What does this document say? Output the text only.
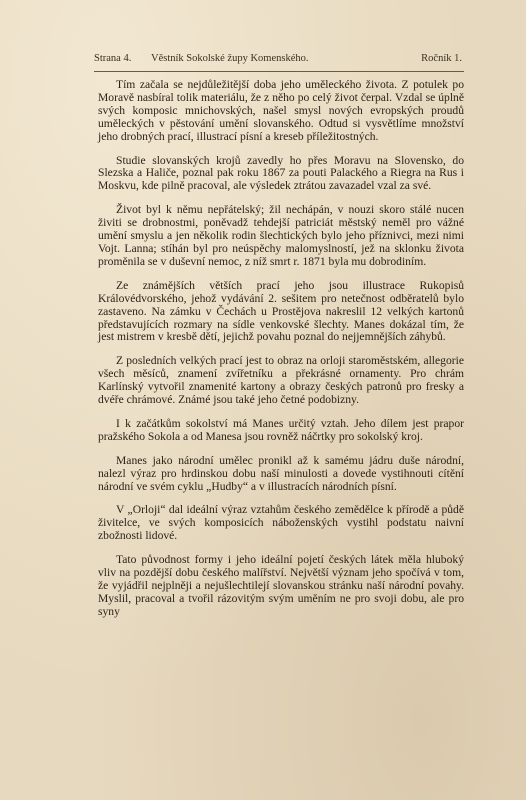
Strana 4. Věstník Sokolské župy Komenského.	Ročník 1.

Tím začala se nejdůležitější doba jeho uměleckého života. Z potulek po Moravě nasbíral tolik materiálu, že z něho po celý život čerpal. Vzdal se úplně svých komposic mnichovských, našel smysl nových evropských proudů uměleckých v pěstování umění slovanského. Odtud si vysvětlíme množství jeho drobných prací, illustrací písní a kreseb příležitostných.

Studie slovanských krojů zavedly ho přes Moravu na Slovensko, do Slezska a Haliče, poznal pak roku 1867 za pouti Palackého a Riegra na Rus i Moskvu, kde pilně pracoval, ale výsledek ztrátou zavazadel vzal za své.

Život byl k němu nepřátelský; žil nechápán, v nouzi skoro stálé nucen živiti se drobnostmi, poněvadž tehdejší patriciát městský neměl pro vážné umění smyslu a jen několik rodin šlechtických bylo jeho příznivci, mezi nimi Vojt. Lanna; stíhán byl pro neúspěchy malomyslností, jež na sklonku života proměnila se v duševní nemoc, z níž smrt r. 1871 byla mu dobrodiním.

Ze známějších větších prací jeho jsou illustrace Rukopisů Královédvorského, jehož vydávání 2. sešitem pro netečnost odběratelů bylo zastaveno. Na zámku v Čechách u Prostějova nakreslil 12 velkých kartonů představujících rozmary na sídle venkovské šlechty. Manes dokázal tím, že jest mistrem v kresbě dětí, jejichž povahu poznal do nejjemnějších záhybů.

Z posledních velkých prací jest to obraz na orloji staroměstském, allegorie všech měsíců, znamení zvířetníku a překrásné ornamenty. Pro chrám Karlínský vytvořil znamenité kartony a obrazy českých patronů pro fresky a dvéře chrámové. Známé jsou také jeho četné podobizny.

I k začátkům sokolství má Manes určitý vztah. Jeho dílem jest prapor pražského Sokola a od Manesa jsou rovněž náčrtky pro sokolský kroj.

Manes jako národní umělec pronikl až k samému jádru duše národní, nalezl výraz pro hrdinskou dobu naší minulosti a dovede vystihnouti cítění národní ve svém cyklu „Hudby“ a v illustracích národních písní.

V „Orloji“ dal ideální výraz vztahům českého zemědělce k přírodě a půdě živitelce, ve svých komposicích náboženských vystihl podstatu naivní zbožnosti lidové.

Tato původnost formy i jeho ideální pojetí českých látek měla hluboký vliv na pozdější dobu českého malířství. Největší význam jeho spočívá v tom, že vyjádřil nejplněji a nejušlechtilejí slovanskou stránku naší národní povahy. Myslil, pracoval a tvořil rázovitým svým uměním ne pro svoji dobu, ale pro syny
